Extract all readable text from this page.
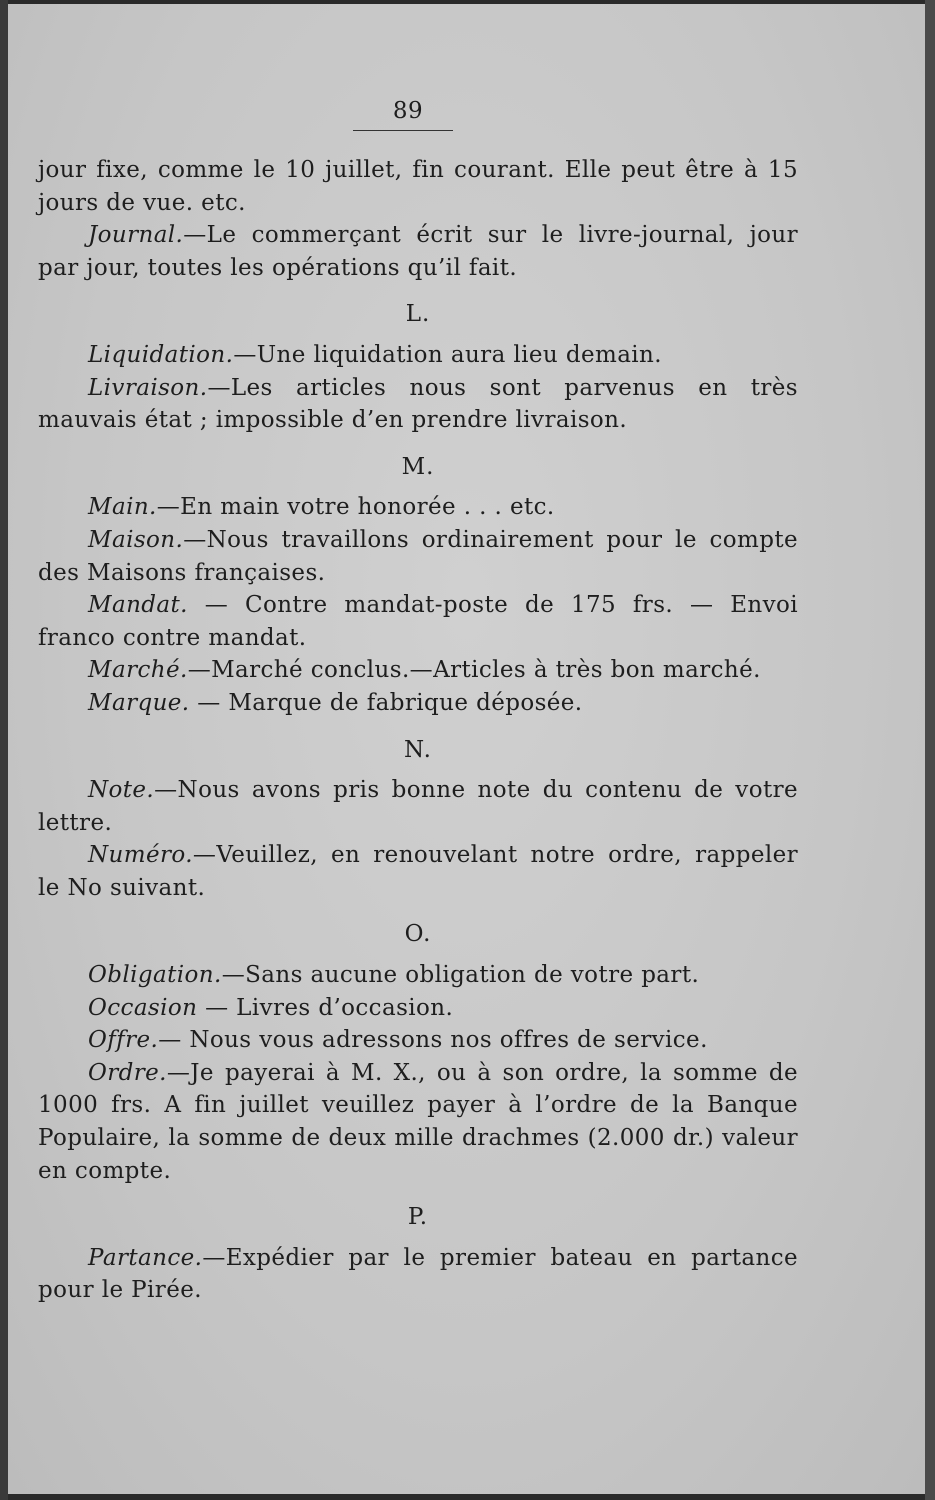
89

jour fixe, comme le 10 juillet, fin courant. Elle peut être à 15 jours de vue. etc.

Journal.—Le commerçant écrit sur le livre-journal, jour par jour, toutes les opérations qu’il fait.

L.

Liquidation.—Une liquidation aura lieu demain.

Livraison.—Les articles nous sont parvenus en très mauvais état ; impossible d’en prendre livraison.

M.

Main.—En main votre honorée . . . etc.

Maison.—Nous travaillons ordinairement pour le compte des Maisons françaises.

Mandat. — Contre mandat-poste de 175 frs. — Envoi franco contre mandat.

Marché.—Marché conclus.—Articles à très bon marché.

Marque. — Marque de fabrique déposée.

N.

Note.—Nous avons pris bonne note du contenu de votre lettre.

Numéro.—Veuillez, en renouvelant notre ordre, rappeler le No suivant.

O.

Obligation.—Sans aucune obligation de votre part.

Occasion — Livres d’occasion.

Offre.— Nous vous adressons nos offres de service.

Ordre.—Je payerai à M. X., ou à son ordre, la somme de 1000 frs. A fin juillet veuillez payer à l’ordre de la Banque Populaire, la somme de deux mille drachmes (2.000 dr.) valeur en compte.

P.

Partance.—Expédier par le premier bateau en partance pour le Pirée.
